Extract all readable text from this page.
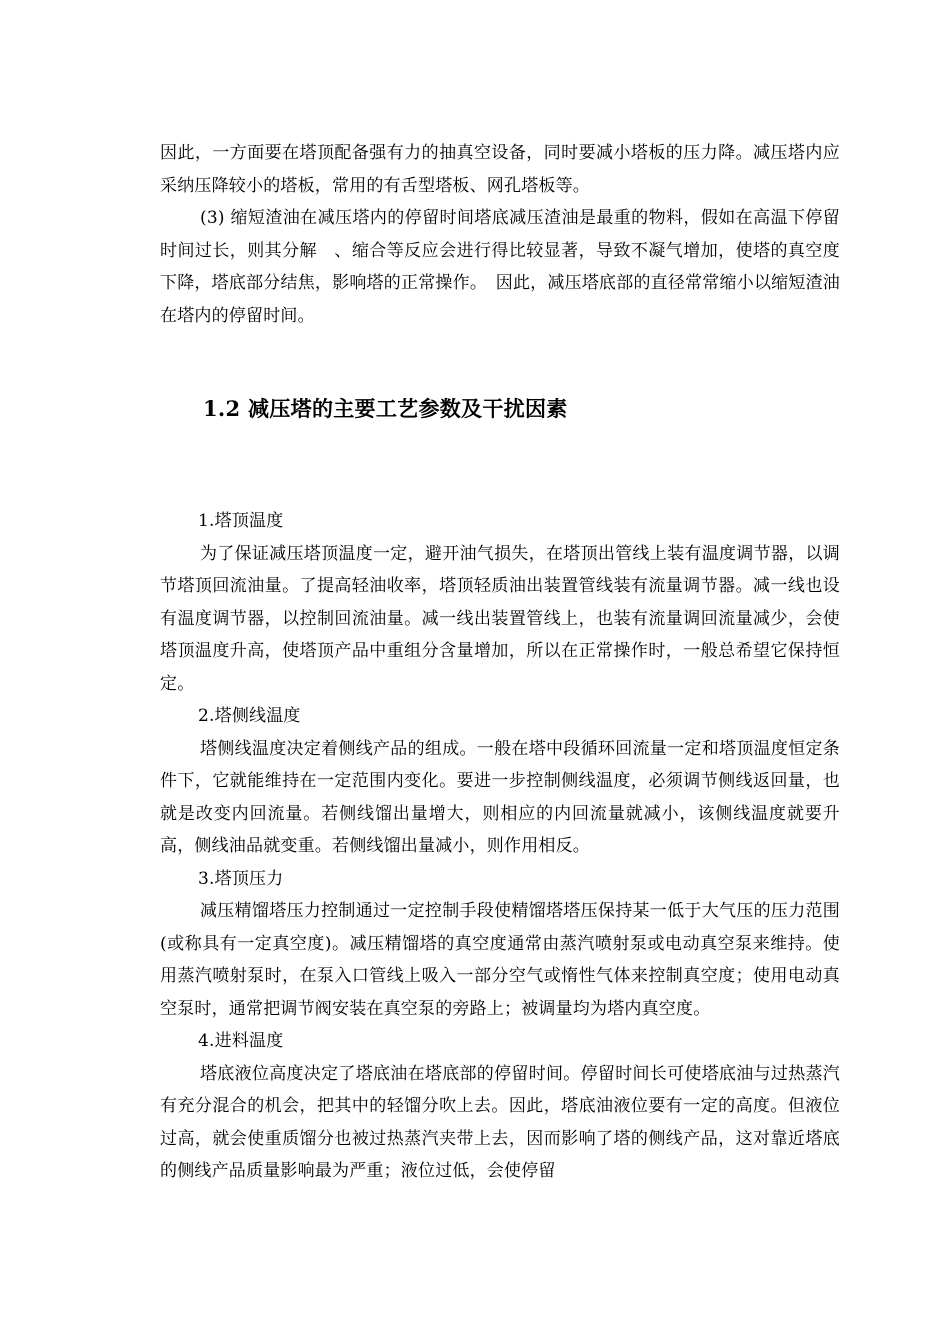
因此，一方面要在塔顶配备强有力的抽真空设备，同时要减小塔板的压力降。减压塔内应采纳压降较小的塔板，常用的有舌型塔板、网孔塔板等。

(3) 缩短渣油在减压塔内的停留时间塔底减压渣油是最重的物料，假如在高温下停留时间过长，则其分解　、缩合等反应会进行得比较显著，导致不凝气增加，使塔的真空度下降，塔底部分结焦，影响塔的正常操作。　因此，减压塔底部的直径常常缩小以缩短渣油在塔内的停留时间。

1.2 减压塔的主要工艺参数及干扰因素

1.塔顶温度

为了保证减压塔顶温度一定，避开油气损失，在塔顶出管线上装有温度调节器，以调节塔顶回流油量。了提高轻油收率，塔顶轻质油出装置管线装有流量调节器。减一线也设有温度调节器，以控制回流油量。减一线出装置管线上，也装有流量调回流量减少，会使塔顶温度升高，使塔顶产品中重组分含量增加，所以在正常操作时，一般总希望它保持恒定。

2.塔侧线温度

塔侧线温度决定着侧线产品的组成。一般在塔中段循环回流量一定和塔顶温度恒定条件下，它就能维持在一定范围内变化。要进一步控制侧线温度，必须调节侧线返回量，也就是改变内回流量。若侧线馏出量增大，则相应的内回流量就减小，该侧线温度就要升高，侧线油品就变重。若侧线馏出量减小，则作用相反。

3.塔顶压力

减压精馏塔压力控制通过一定控制手段使精馏塔塔压保持某一低于大气压的压力范围(或称具有一定真空度)。减压精馏塔的真空度通常由蒸汽喷射泵或电动真空泵来维持。使用蒸汽喷射泵时，在泵入口管线上吸入一部分空气或惰性气体来控制真空度；使用电动真空泵时，通常把调节阀安装在真空泵的旁路上；被调量均为塔内真空度。

4.进料温度

塔底液位高度决定了塔底油在塔底部的停留时间。停留时间长可使塔底油与过热蒸汽有充分混合的机会，把其中的轻馏分吹上去。因此，塔底油液位要有一定的高度。但液位过高，就会使重质馏分也被过热蒸汽夹带上去，因而影响了塔的侧线产品，这对靠近塔底的侧线产品质量影响最为严重；液位过低，会使停留
